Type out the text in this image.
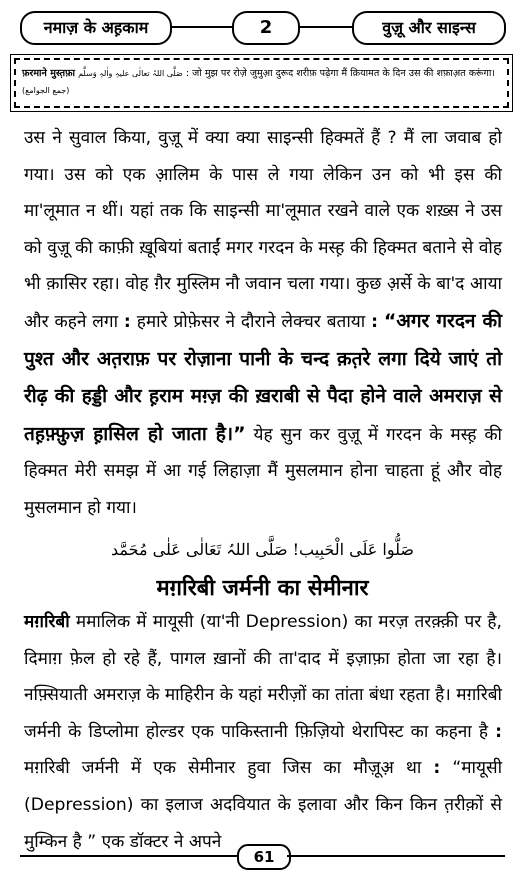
नमाज़ के अह़काम	2	वुज़ू और साइन्स
फ़रमाने मुस्त़फ़ा صَلَّی اللہُ تعالٰی علیہِ واٰلہٖ وَسلَّم : जो मुझ पर रोज़े जुमुआ़ दुरूद शरीफ़ पढ़ेगा मैं क़ियामत के दिन उस की शफ़ाअ़त करूंगा। (جمع الجوامع)
उस ने सुवाल किया, वुज़ू में क्या क्या साइन्सी हिक्मतें हैं ? मैं ला जवाब हो गया। उस को एक आ़लिम के पास ले गया लेकिन उन को भी इस की मा'लूमात न थीं। यहां तक कि साइन्सी मा'लूमात रखने वाले एक शख़्स ने उस को वुज़ू की काफ़ी ख़ूबियां बताईं मगर गरदन के मस्ह़ की हिक्मत बताने से वोह भी क़ासिर रहा। वोह ग़ैर मुस्लिम नौ जवान चला गया। कुछ अ़र्से के बा'द आया और कहने लगा : हमारे प्रोफ़ेसर ने दौराने लेक्चर बताया : “अगर गरदन की पुश्त और अत़राफ़ पर रोज़ाना पानी के चन्द क़त़रे लगा दिये जाएं तो रीढ़ की हड्डी और ह़राम मग़्ज़ की ख़राबी से पैदा होने वाले अमराज़ से तह़फ़्फ़ुज़ ह़ासिल हो जाता है।” येह सुन कर वुज़ू में गरदन के मस्ह़ की हिक्मत मेरी समझ में आ गई लिहाज़ा मैं मुसलमान होना चाहता हूं और वोह मुसलमान हो गया।
صَلُّوا عَلَی الْحَبِیب! صَلَّی اللہُ تَعَالٰی عَلٰی مُحَمَّد
मग़रिबी जर्मनी का सेमीनार
मग़रिबी ममालिक में मायूसी (या'नी Depression) का मरज़ तरक़्क़ी पर है, दिमाग़ फ़ेल हो रहे हैं, पागल ख़ानों की ता'दाद में इज़ाफ़ा होता जा रहा है। नफ़्सियाती अमराज़ के माहिरीन के यहां मरीज़ों का तांता बंधा रहता है। मग़रिबी जर्मनी के डिप्लोमा होल्डर एक पाकिस्तानी फ़िज़ियो थेरापिस्ट का कहना है : मग़रिबी जर्मनी में एक सेमीनार हुवा जिस का मौज़ूअ़ था : “मायूसी (Depression) का इलाज अदवियात के इलावा और किन किन त़रीक़ों से मुम्किन है ” एक डॉक्टर ने अपने
61
